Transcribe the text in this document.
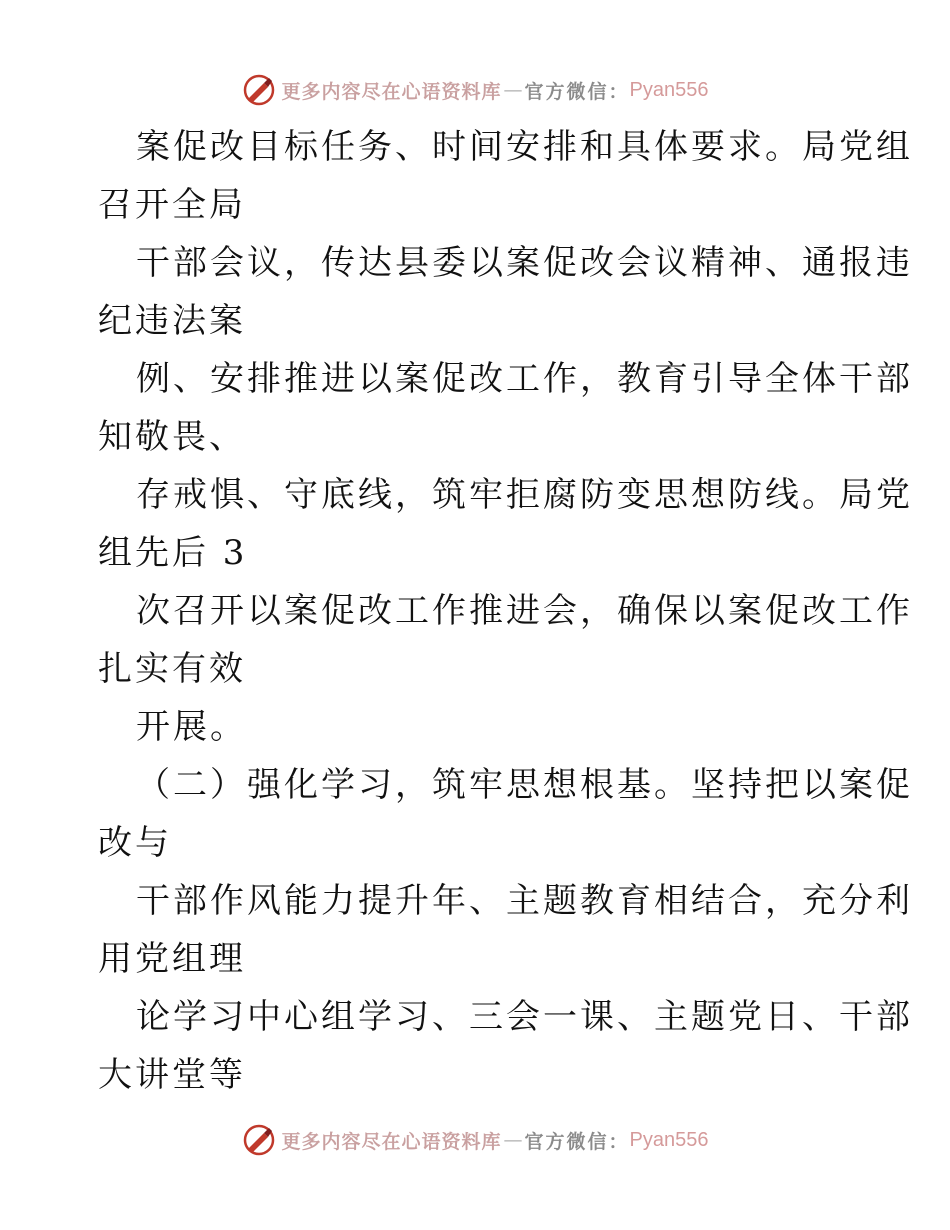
更多内容尽在心语资料库 — 官方微信： Pyan556
案促改目标任务、时间安排和具体要求。局党组
召开全局
干部会议，传达县委以案促改会议精神、通报违
纪违法案
例、安排推进以案促改工作，教育引导全体干部
知敬畏、
存戒惧、守底线，筑牢拒腐防变思想防线。局党
组先后 3
次召开以案促改工作推进会，确保以案促改工作
扎实有效
开展。
（二）强化学习，筑牢思想根基。坚持把以案促
改与
干部作风能力提升年、主题教育相结合，充分利
用党组理
论学习中心组学习、三会一课、主题党日、干部
大讲堂等
更多内容尽在心语资料库 — 官方微信： Pyan556
